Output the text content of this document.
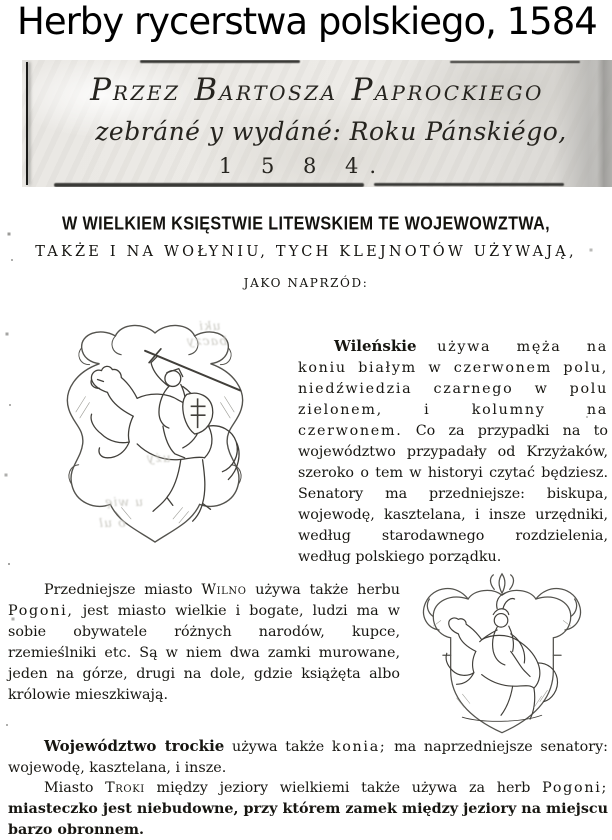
Herby rycerstwa polskiego, 1584
PRZEZ BARTOSZA PAPROCKIEGO
zebráné y wydáné: Roku Pánskiégo,
1 5 8 4.
W WIELKIEM KSIĘSTWIE LITEWSKIEM TE WOJEWOWZTWA,
TAKŻE I NA WOŁYNIU, TYCH KLEJNOTÓW UŻYWAJĄ,
JAKO NAPRZÓD:

Wileńskie używa męża na koniu białym w czerwonem polu, niedźwiedzia czarnego w polu zielonem, i kolumny na czerwonem. Co za przypadki na to województwo przypadały od Krzyżaków, szeroko o tem w historyi czytać będziesz. Senatory ma przedniejsze: biskupa, wojewodę, kasztelana, i insze urzędniki, według starodawnego rozdzielenia, według polskiego porządku.

Przedniejsze miasto Wilno używa także herbu Pogoni, jest miasto wielkie i bogate, ludzi ma w sobie obywatele różnych narodów, kupce, rzemieślniki etc. Są w niem dwa zamki murowane, jeden na górze, drugi na dole, gdzie książęta albo królowie mieszkiwają.

Województwo trockie używa także konia; ma naprzedniejsze senatory: wojewodę, kasztelana, i insze.

Miasto Troki między jeziory wielkiemi także używa za herb Pogoni; miasteczko jest niebudowne, przy którem zamek między jeziory na miejscu barzo obronnem.

uki
baczy
uży
u wię
o ul
